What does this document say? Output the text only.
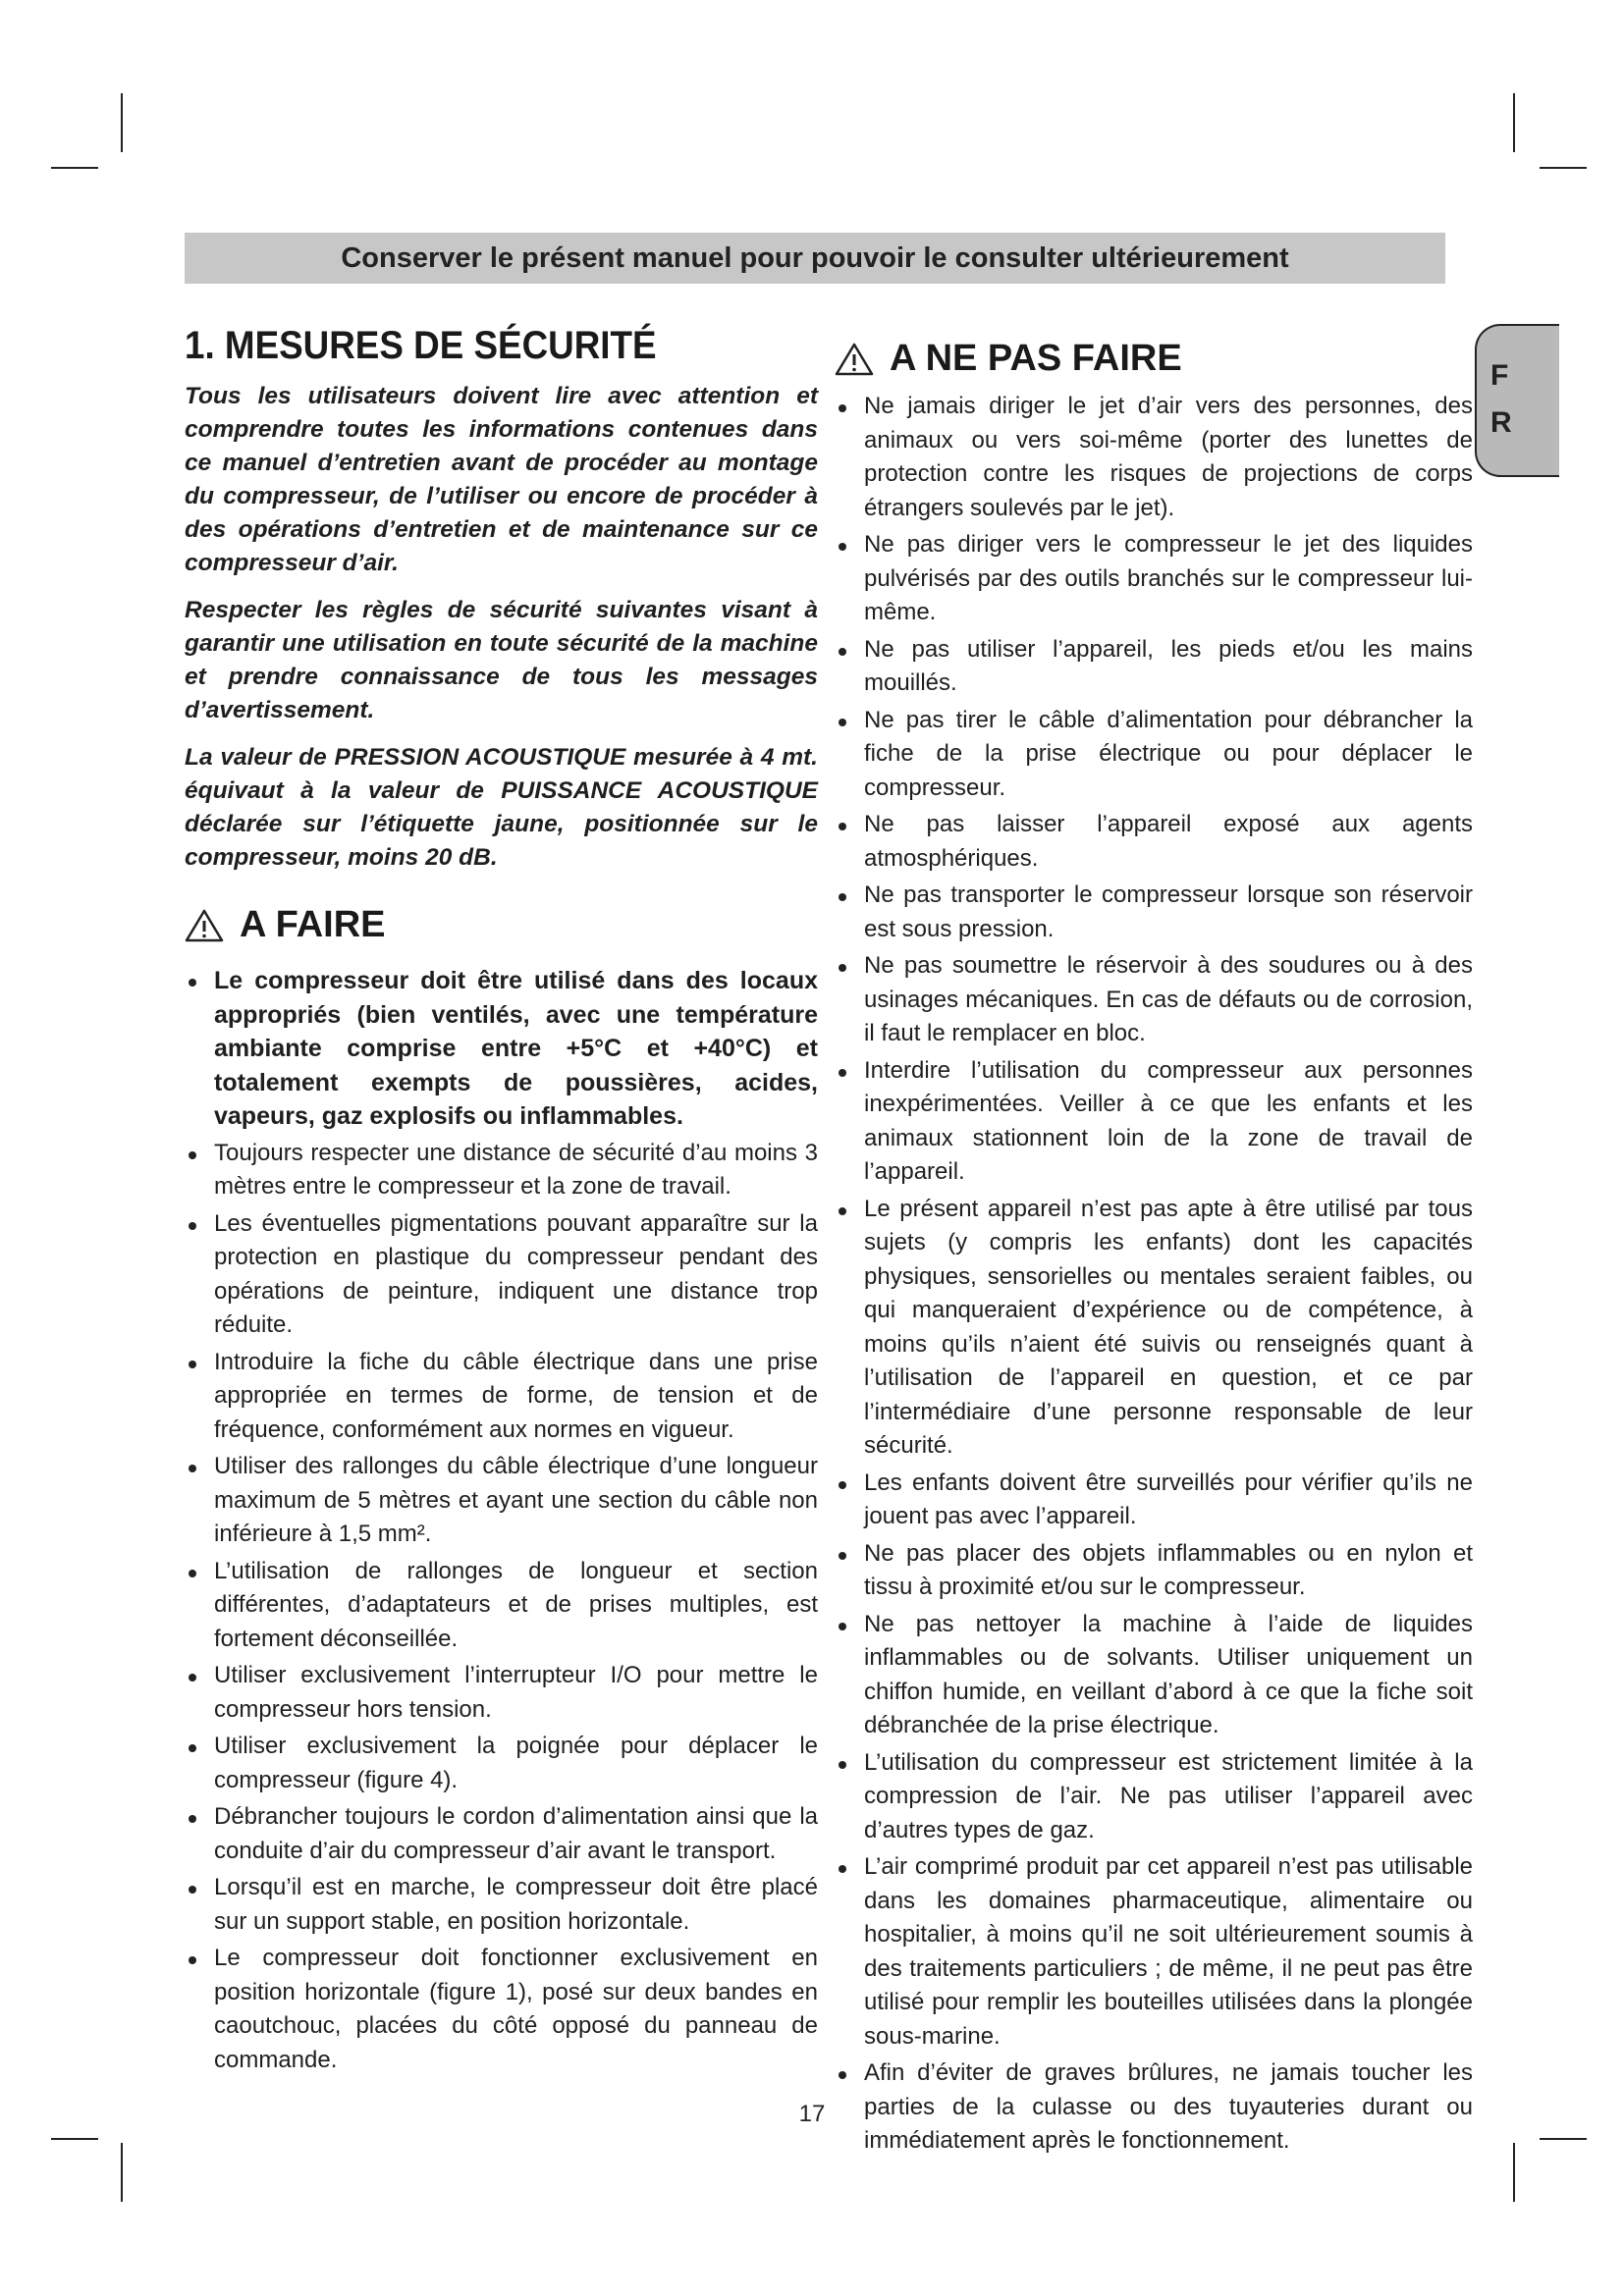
Conserver le présent manuel pour pouvoir le consulter ultérieurement
F
R
1. MESURES DE SÉCURITÉ

Tous les utilisateurs doivent lire avec attention et comprendre toutes les informations contenues dans ce manuel d’entretien avant de procéder au montage du compresseur, de l’utiliser ou encore de procéder à des opérations d’entretien et de maintenance sur ce compresseur d’air.

Respecter les règles de sécurité suivantes visant à garantir une utilisation en toute sécurité de la machine et prendre connaissance de tous les messages d’avertissement.

La valeur de PRESSION ACOUSTIQUE mesurée à 4 mt. équivaut à la valeur de PUISSANCE ACOUSTIQUE déclarée sur l’étiquette jaune, positionnée sur le compresseur, moins 20 dB.

A FAIRE
Le compresseur doit être utilisé dans des locaux appropriés (bien ventilés, avec une température ambiante comprise entre +5°C et +40°C) et totalement exempts de poussières, acides, vapeurs, gaz explosifs ou inflammables.
Toujours respecter une distance de sécurité d’au moins 3 mètres entre le compresseur et la zone de travail.
Les éventuelles pigmentations pouvant apparaître sur la protection en plastique du compresseur pendant des opérations de peinture, indiquent une distance trop réduite.
Introduire la fiche du câble électrique dans une prise appropriée en termes de forme, de tension et de fréquence, conformément aux normes en vigueur.
Utiliser des rallonges du câble électrique d’une longueur maximum de 5 mètres et ayant une section du câble non inférieure à 1,5 mm².
L’utilisation de rallonges de longueur et section différentes, d’adaptateurs et de prises multiples, est fortement déconseillée.
Utiliser exclusivement l’interrupteur I/O pour mettre le compresseur hors tension.
Utiliser exclusivement la poignée pour déplacer le compresseur (figure 4).
Débrancher toujours le cordon d’alimentation ainsi que la conduite d’air du compresseur d’air avant le transport.
Lorsqu’il est en marche, le compresseur doit être placé sur un support stable, en position horizontale.
Le compresseur doit fonctionner exclusivement en position horizontale (figure 1), posé sur deux bandes en caoutchouc, placées du côté opposé du panneau de commande.
A NE PAS FAIRE
Ne jamais diriger le jet d’air vers des personnes, des animaux ou vers soi-même (porter des lunettes de protection contre les risques de projections de corps étrangers soulevés par le jet).
Ne pas diriger vers le compresseur le jet des liquides pulvérisés par des outils branchés sur le compresseur lui-même.
Ne pas utiliser l’appareil, les pieds et/ou les mains mouillés.
Ne pas tirer le câble d’alimentation pour débrancher la fiche de la prise électrique ou pour déplacer le compresseur.
Ne pas laisser l’appareil exposé aux agents atmosphériques.
Ne pas transporter le compresseur lorsque son réservoir est sous pression.
Ne pas soumettre le réservoir à des soudures ou à des usinages mécaniques. En cas de défauts ou de corrosion, il faut le remplacer en bloc.
Interdire l’utilisation du compresseur aux personnes inexpérimentées. Veiller à ce que les enfants et les animaux stationnent loin de la zone de travail de l’appareil.
Le présent appareil n’est pas apte à être utilisé par tous sujets (y compris les enfants) dont les capacités physiques, sensorielles ou mentales seraient faibles, ou qui manqueraient d’expérience ou de compétence, à moins qu’ils n’aient été suivis ou renseignés quant à l’utilisation de l’appareil en question, et ce par l’intermédiaire d’une personne responsable de leur sécurité.
Les enfants doivent être surveillés pour vérifier qu’ils ne jouent pas avec l’appareil.
Ne pas placer des objets inflammables ou en nylon et tissu à proximité et/ou sur le compresseur.
Ne pas nettoyer la machine à l’aide de liquides inflammables ou de solvants. Utiliser uniquement un chiffon humide, en veillant d’abord à ce que la fiche soit débranchée de la prise électrique.
L’utilisation du compresseur est strictement limitée à la compression de l’air. Ne pas utiliser l’appareil avec d’autres types de gaz.
L’air comprimé produit par cet appareil n’est pas utilisable dans les domaines pharmaceutique, alimentaire ou hospitalier, à moins qu’il ne soit ultérieurement soumis à des traitements particuliers ; de même, il ne peut pas être utilisé pour remplir les bouteilles utilisées dans la plongée sous-marine.
Afin d’éviter de graves brûlures, ne jamais toucher les parties de la culasse ou des tuyauteries durant ou immédiatement après le fonctionnement.
17
